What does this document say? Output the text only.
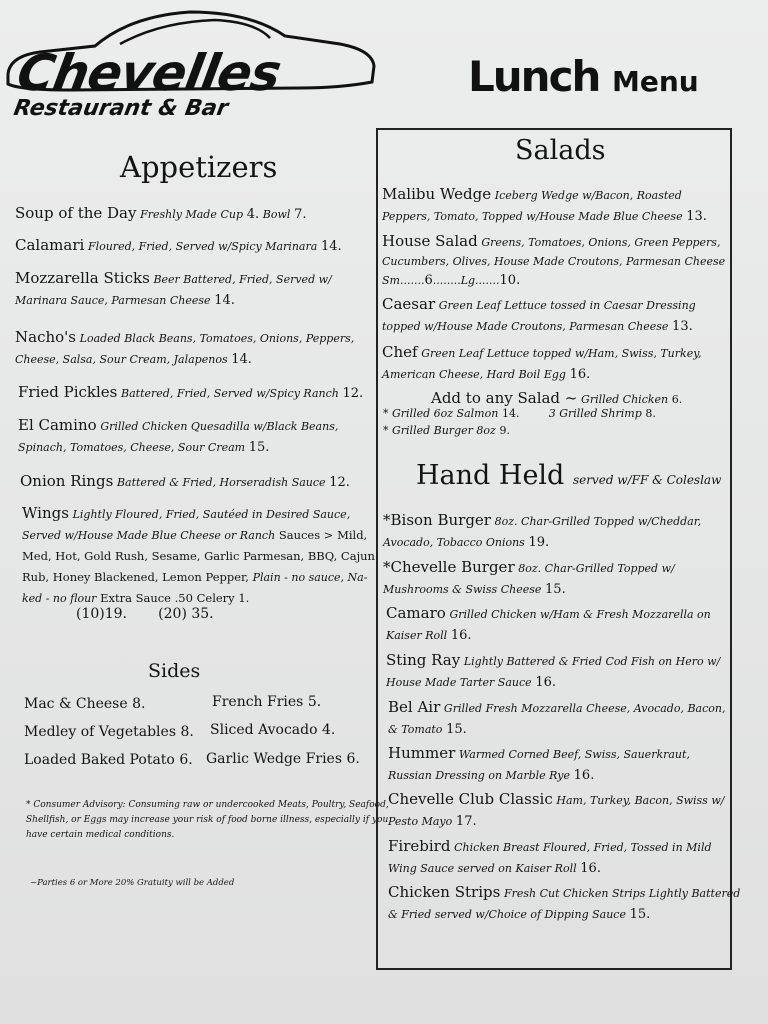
Chevelles
Restaurant & Bar
Lunch Menu
Appetizers
Soup of the Day Freshly Made Cup 4. Bowl 7.
Calamari Floured, Fried, Served w/Spicy Marinara 14.
Mozzarella Sticks Beer Battered, Fried, Served w/
Marinara Sauce, Parmesan Cheese 14.
Nacho's Loaded Black Beans, Tomatoes, Onions, Peppers,
Cheese, Salsa, Sour Cream, Jalapenos 14.
Fried Pickles Battered, Fried, Served w/Spicy Ranch 12.
El Camino Grilled Chicken Quesadilla w/Black Beans,
Spinach, Tomatoes, Cheese, Sour Cream 15.
Onion Rings Battered & Fried, Horseradish Sauce 12.
Wings Lightly Floured, Fried, Sautéed in Desired Sauce,
Served w/House Made Blue Cheese or Ranch Sauces > Mild,
Med, Hot, Gold Rush, Sesame, Garlic Parmesan, BBQ, Cajun
Rub, Honey Blackened, Lemon Pepper, Plain - no sauce, Na-
ked - no flour Extra Sauce .50 Celery 1.
(10)19. (20) 35.
Sides
Mac & Cheese 8.	French Fries 5.
Medley of Vegetables 8. Sliced Avocado 4.
Loaded Baked Potato 6. Garlic Wedge Fries 6.
* Consumer Advisory: Consuming raw or undercooked Meats, Poultry, Seafood,
Shellfish, or Eggs may increase your risk of food borne illness, especially if you
have certain medical conditions.
~Parties 6 or More 20% Gratuity will be Added
Salads
Malibu Wedge Iceberg Wedge w/Bacon, Roasted
Peppers, Tomato, Topped w/House Made Blue Cheese 13.
House Salad Greens, Tomatoes, Onions, Green Peppers,
Cucumbers, Olives, House Made Croutons, Parmesan Cheese
Sm.......6........Lg.......10.
Caesar Green Leaf Lettuce tossed in Caesar Dressing
topped w/House Made Croutons, Parmesan Cheese 13.
Chef Green Leaf Lettuce topped w/Ham, Swiss, Turkey,
American Cheese, Hard Boil Egg 16.
Add to any Salad ~ Grilled Chicken 6.
* Grilled 6oz Salmon 14.	3 Grilled Shrimp 8.
* Grilled Burger 8oz 9.
Hand Held served w/FF & Coleslaw
*Bison Burger 8oz. Char-Grilled Topped w/Cheddar,
Avocado, Tobacco Onions 19.
*Chevelle Burger 8oz. Char-Grilled Topped w/
Mushrooms & Swiss Cheese 15.
Camaro Grilled Chicken w/Ham & Fresh Mozzarella on
Kaiser Roll 16.
Sting Ray Lightly Battered & Fried Cod Fish on Hero w/
House Made Tarter Sauce 16.
Bel Air Grilled Fresh Mozzarella Cheese, Avocado, Bacon,
& Tomato 15.
Hummer Warmed Corned Beef, Swiss, Sauerkraut,
Russian Dressing on Marble Rye 16.
Chevelle Club Classic Ham, Turkey, Bacon, Swiss w/
Pesto Mayo 17.
Firebird Chicken Breast Floured, Fried, Tossed in Mild
Wing Sauce served on Kaiser Roll 16.
Chicken Strips Fresh Cut Chicken Strips Lightly Battered
& Fried served w/Choice of Dipping Sauce 15.
